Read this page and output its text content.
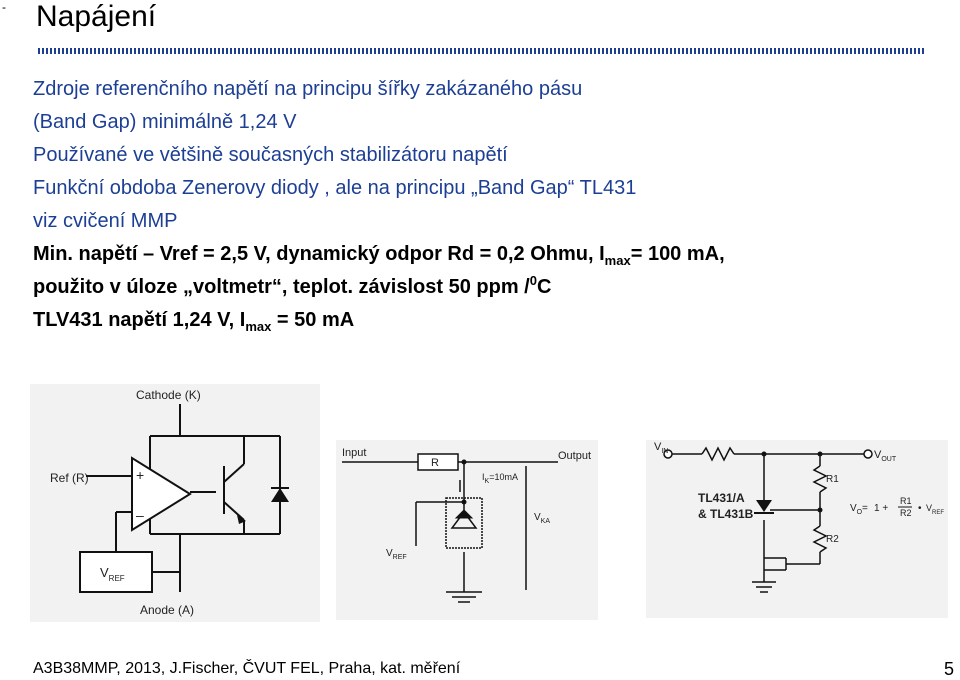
- Napájení
Zdroje referenčního napětí na principu šířky zakázaného pásu
(Band Gap) minimálně 1,24 V
Používané ve většině současných stabilizátoru napětí
Funkční obdoba Zenerovy diody , ale na principu „Band Gap“ TL431
viz cvičení MMP
Min. napětí – Vref = 2,5 V, dynamický odpor Rd = 0,2 Ohmu, $I_{max}= 100$ mA,
použito v úloze „voltmetr“, teplot. závislost 50 ppm /$^0$C
TLV431 napětí 1,24 V, $I_{max} = 50$ mA
Cathode (K)
Anode (A)
Ref (R)	+
–
$V_{REF}$
Input	Output
R
$I_K=10mA$
$V_{KA}$
$V_{REF}$
$V_{IN}$	$V_{OUT}$
TL431/A
& TL431B
R1
R2
$V_O = 1$ +
R1
R2 • $V_{REF}$
A3B38MMP, 2013, J.Fischer, ČVUT FEL, Praha, kat. měření	5
